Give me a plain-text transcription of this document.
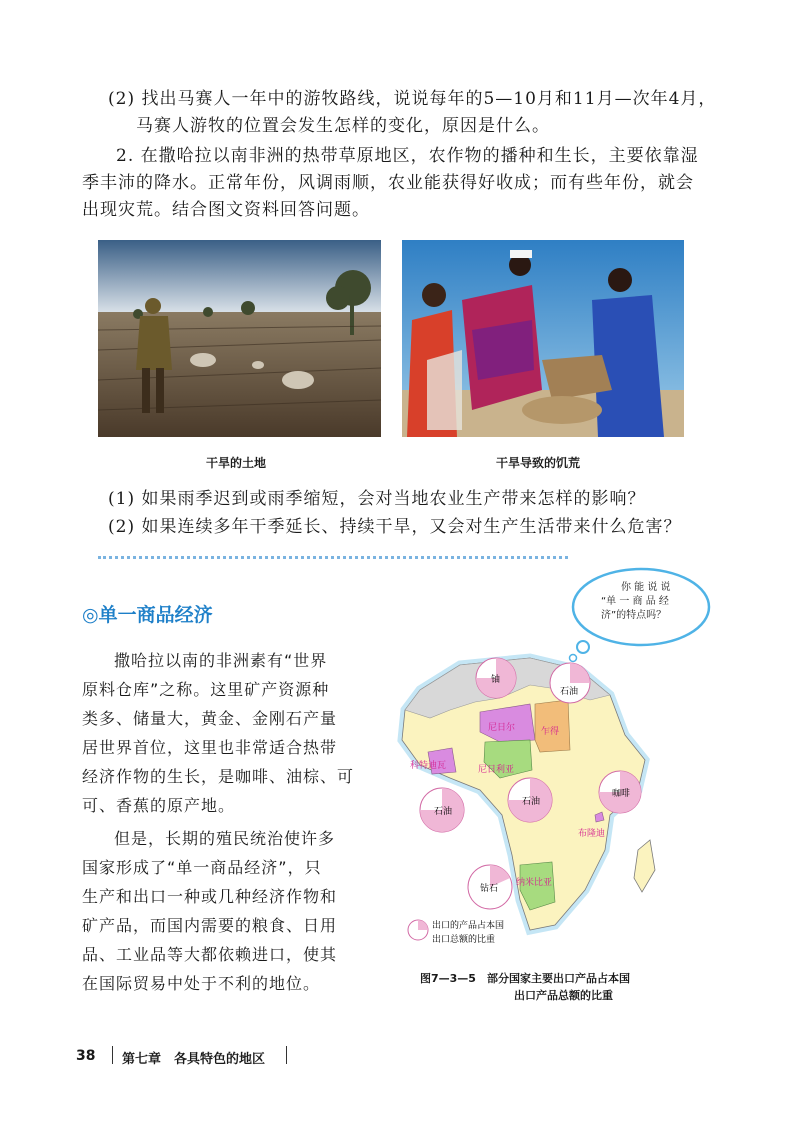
(2) 找出马赛人一年中的游牧路线，说说每年的5—10月和11月—次年4月，
马赛人游牧的位置会发生怎样的变化，原因是什么。
2. 在撒哈拉以南非洲的热带草原地区，农作物的播种和生长，主要依靠湿
季丰沛的降水。正常年份，风调雨顺，农业能获得好收成；而有些年份，就会
出现灾荒。结合图文资料回答问题。
干旱的土地	干旱导致的饥荒
(1) 如果雨季迟到或雨季缩短，会对当地农业生产带来怎样的影响？
(2) 如果连续多年干季延长、持续干旱，又会对生产生活带来什么危害？
◎单一商品经济
撒哈拉以南的非洲素有“世界
原料仓库”之称。这里矿产资源种
类多、储量大，黄金、金刚石产量
居世界首位，这里也非常适合热带
经济作物的生长，是咖啡、油棕、可
可、香蕉的原产地。
但是，长期的殖民统治使许多
国家形成了“单一商品经济”，只
生产和出口一种或几种经济作物和
矿产品，而国内需要的粮食、日用
品、工业品等大都依赖进口，使其
在国际贸易中处于不利的地位。
你 能 说 说
“单 一 商 品 经
济”的特点吗？
铀
石油
尼日尔	乍得
科特迪瓦	尼日利亚
石油
石油
咖啡
布隆迪
钻石
纳米比亚
出口的产品占本国
出口总额的比重
图7—3—5　部分国家主要出口产品占本国
出口产品总额的比重
38 第七章　各具特色的地区
